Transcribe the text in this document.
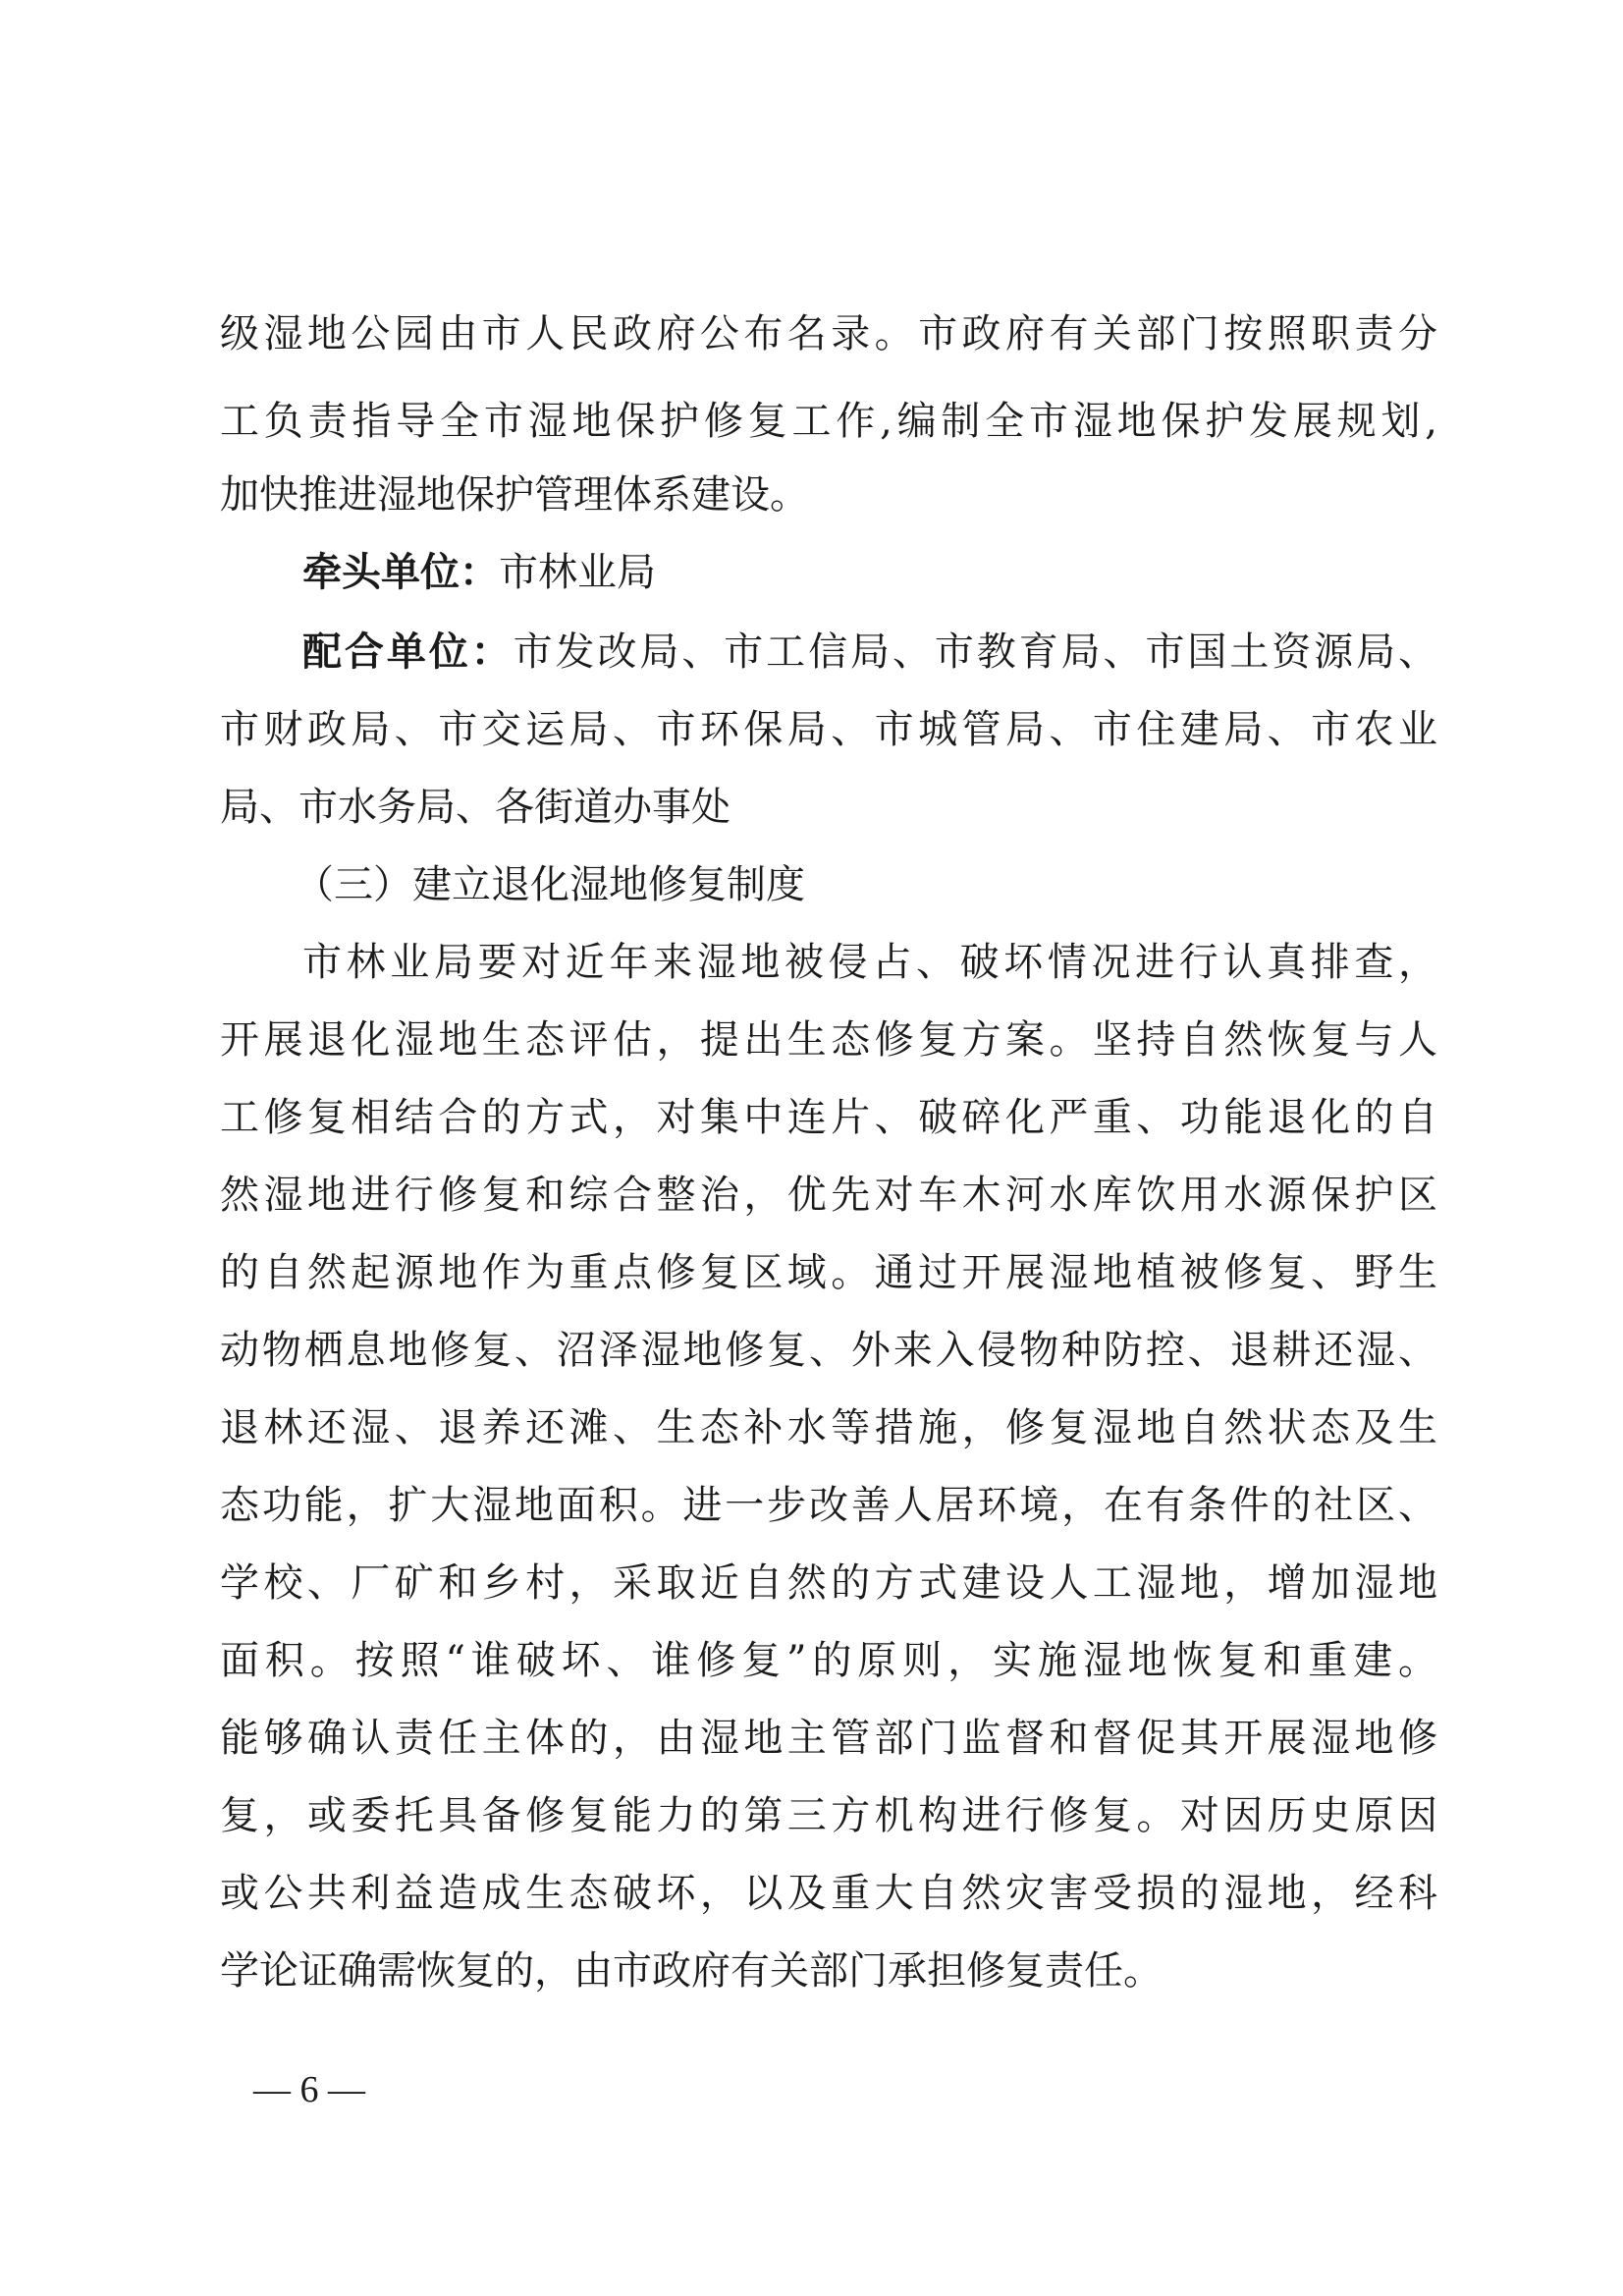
级湿地公园由市人民政府公布名录。市政府有关部门按照职责分
工负责指导全市湿地保护修复工作,编制全市湿地保护发展规划,
加快推进湿地保护管理体系建设。
牵头单位：市林业局
配合单位：市发改局、市工信局、市教育局、市国土资源局、
市财政局、市交运局、市环保局、市城管局、市住建局、市农业
局、市水务局、各街道办事处
（三）建立退化湿地修复制度
市林业局要对近年来湿地被侵占、破坏情况进行认真排查，
开展退化湿地生态评估，提出生态修复方案。坚持自然恢复与人
工修复相结合的方式，对集中连片、破碎化严重、功能退化的自
然湿地进行修复和综合整治，优先对车木河水库饮用水源保护区
的自然起源地作为重点修复区域。通过开展湿地植被修复、野生
动物栖息地修复、沼泽湿地修复、外来入侵物种防控、退耕还湿、
退林还湿、退养还滩、生态补水等措施，修复湿地自然状态及生
态功能，扩大湿地面积。进一步改善人居环境，在有条件的社区、
学校、厂矿和乡村，采取近自然的方式建设人工湿地，增加湿地
面积。按照“谁破坏、谁修复”的原则，实施湿地恢复和重建。
能够确认责任主体的，由湿地主管部门监督和督促其开展湿地修
复，或委托具备修复能力的第三方机构进行修复。对因历史原因
或公共利益造成生态破坏，以及重大自然灾害受损的湿地，经科
学论证确需恢复的，由市政府有关部门承担修复责任。
— 6 —
